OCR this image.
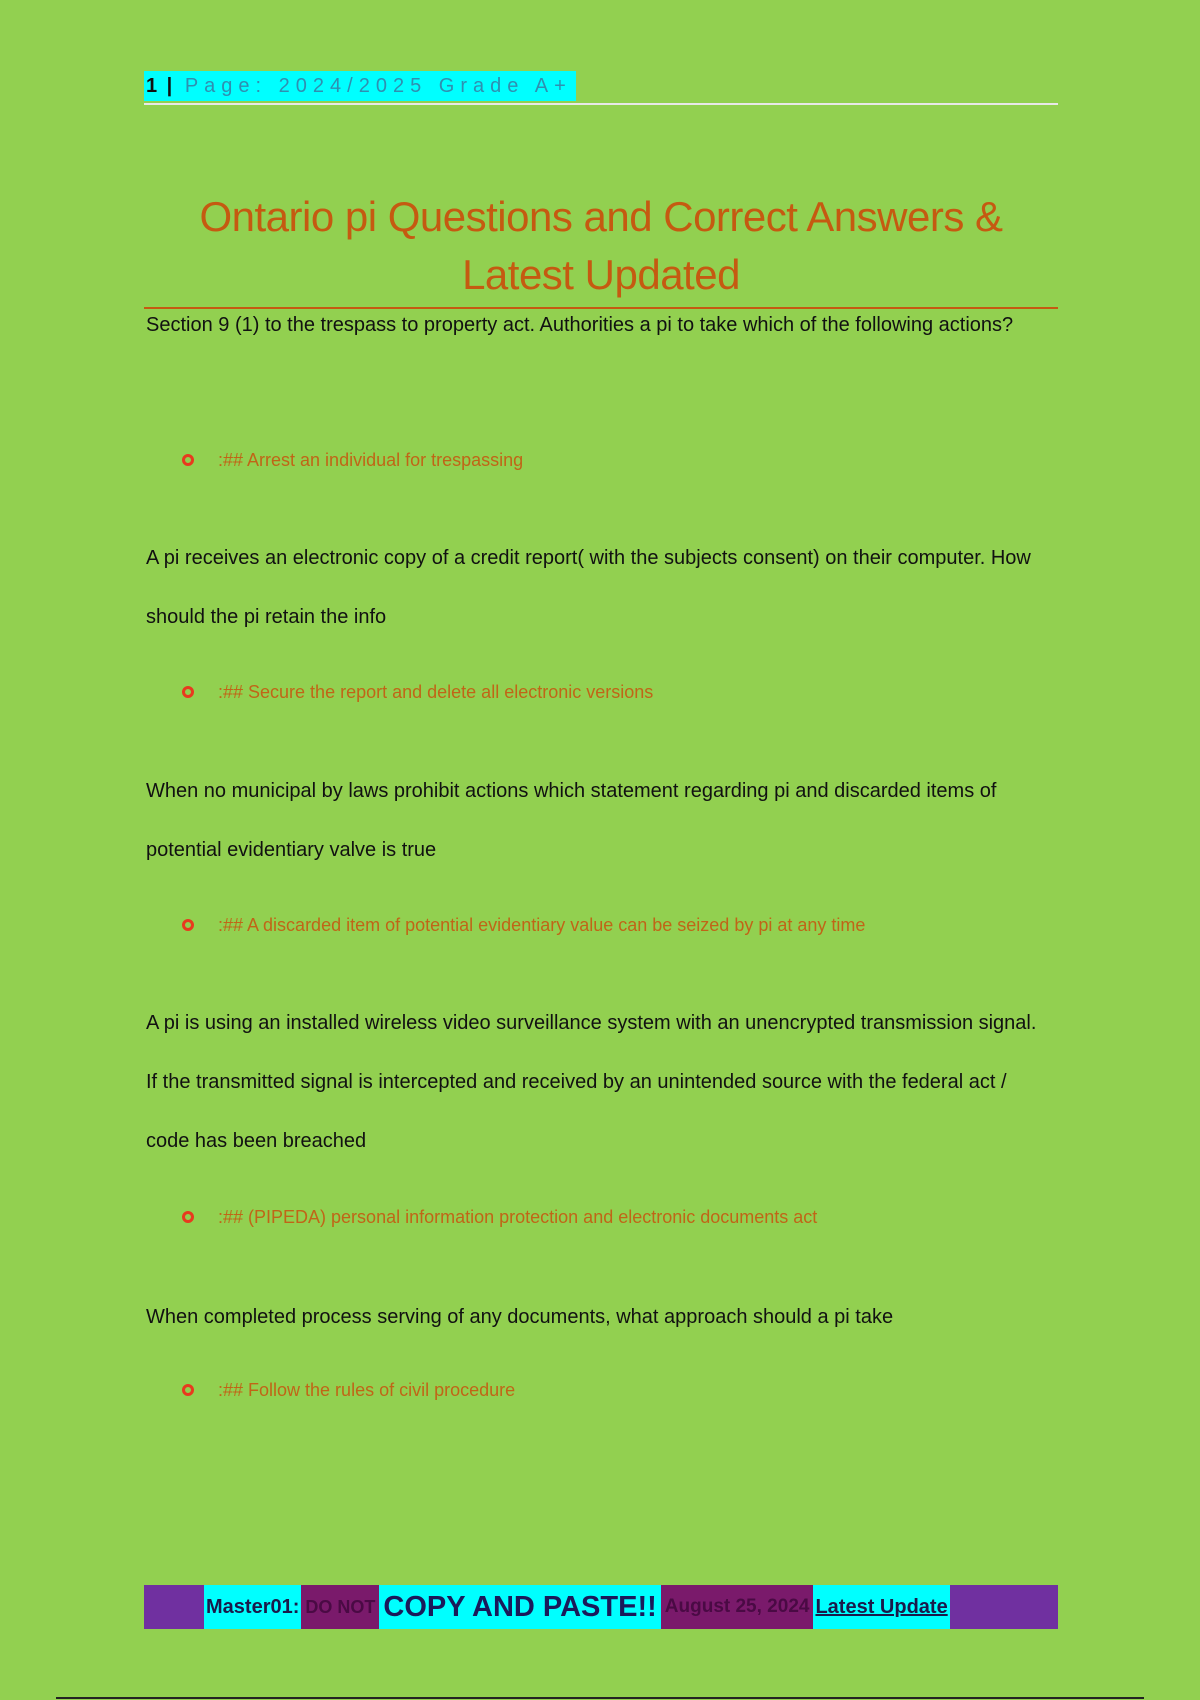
1 | Page: 2024/2025 Grade A+
Ontario pi Questions and Correct Answers &
Latest Updated
Section 9 (1) to the trespass to property act. Authorities a pi to take which of the following actions?
:## Arrest an individual for trespassing
A pi receives an electronic copy of a credit report( with the subjects consent) on their computer. How should the pi retain the info
:## Secure the report and delete all electronic versions
When no municipal by laws prohibit actions which statement regarding pi and discarded items of potential evidentiary valve is true
:## A discarded item of potential evidentiary value can be seized by pi at any time
A pi is using an installed wireless video surveillance system with an unencrypted transmission signal. If the transmitted signal is intercepted and received by an unintended source with the federal act / code has been breached
:## (PIPEDA) personal information protection and electronic documents act
When completed process serving of any documents, what approach should a pi take
:## Follow the rules of civil procedure
Master01: DO NOT COPY AND PASTE!! August 25, 2024 Latest Update
